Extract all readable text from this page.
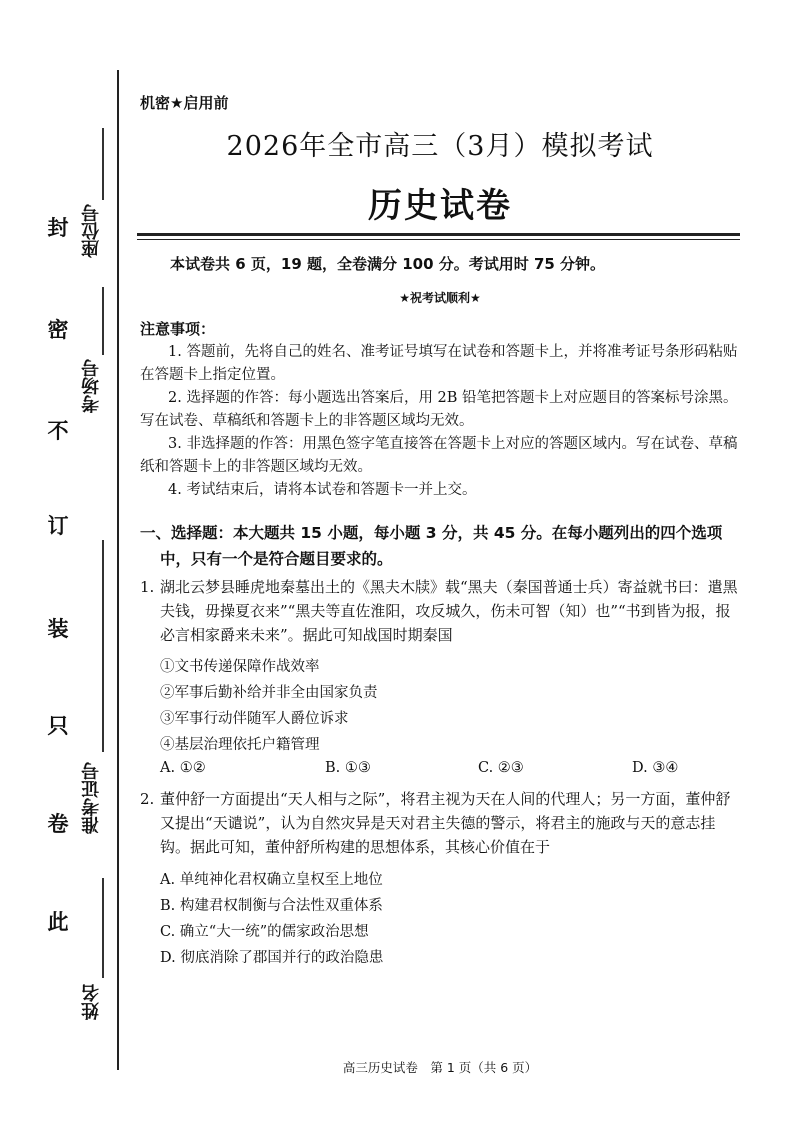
封
密
不
订
装
只
卷
此
座位号
考场号
准考证号
姓名
机密★启用前
2026年全市高三（3月）模拟考试
历史试卷
本试卷共 6 页，19 题，全卷满分 100 分。考试用时 75 分钟。
★祝考试顺利★
注意事项：
1. 答题前，先将自己的姓名、准考证号填写在试卷和答题卡上，并将准考证号条形码粘贴在答题卡上指定位置。
2. 选择题的作答：每小题选出答案后，用 2B 铅笔把答题卡上对应题目的答案标号涂黑。写在试卷、草稿纸和答题卡上的非答题区域均无效。
3. 非选择题的作答：用黑色签字笔直接答在答题卡上对应的答题区域内。写在试卷、草稿纸和答题卡上的非答题区域均无效。
4. 考试结束后，请将本试卷和答题卡一并上交。
一、选择题：本大题共 15 小题，每小题 3 分，共 45 分。在每小题列出的四个选项中，只有一个是符合题目要求的。
1. 湖北云梦县睡虎地秦墓出土的《黑夫木牍》载“黑夫（秦国普通士兵）寄益就书曰：遣黑夫钱，毋操夏衣来”“黑夫等直佐淮阳，攻反城久，伤未可智（知）也”“书到皆为报，报必言相家爵来未来”。据此可知战国时期秦国
①文书传递保障作战效率
②军事后勤补给并非全由国家负责
③军事行动伴随军人爵位诉求
④基层治理依托户籍管理
A. ①②	B. ①③	C. ②③	D. ③④
2. 董仲舒一方面提出“天人相与之际”，将君主视为天在人间的代理人；另一方面，董仲舒又提出“天谴说”，认为自然灾异是天对君主失德的警示，将君主的施政与天的意志挂钩。据此可知，董仲舒所构建的思想体系，其核心价值在于
A. 单纯神化君权确立皇权至上地位
B. 构建君权制衡与合法性双重体系
C. 确立“大一统”的儒家政治思想
D. 彻底消除了郡国并行的政治隐患
高三历史试卷　第 1 页（共 6 页）
